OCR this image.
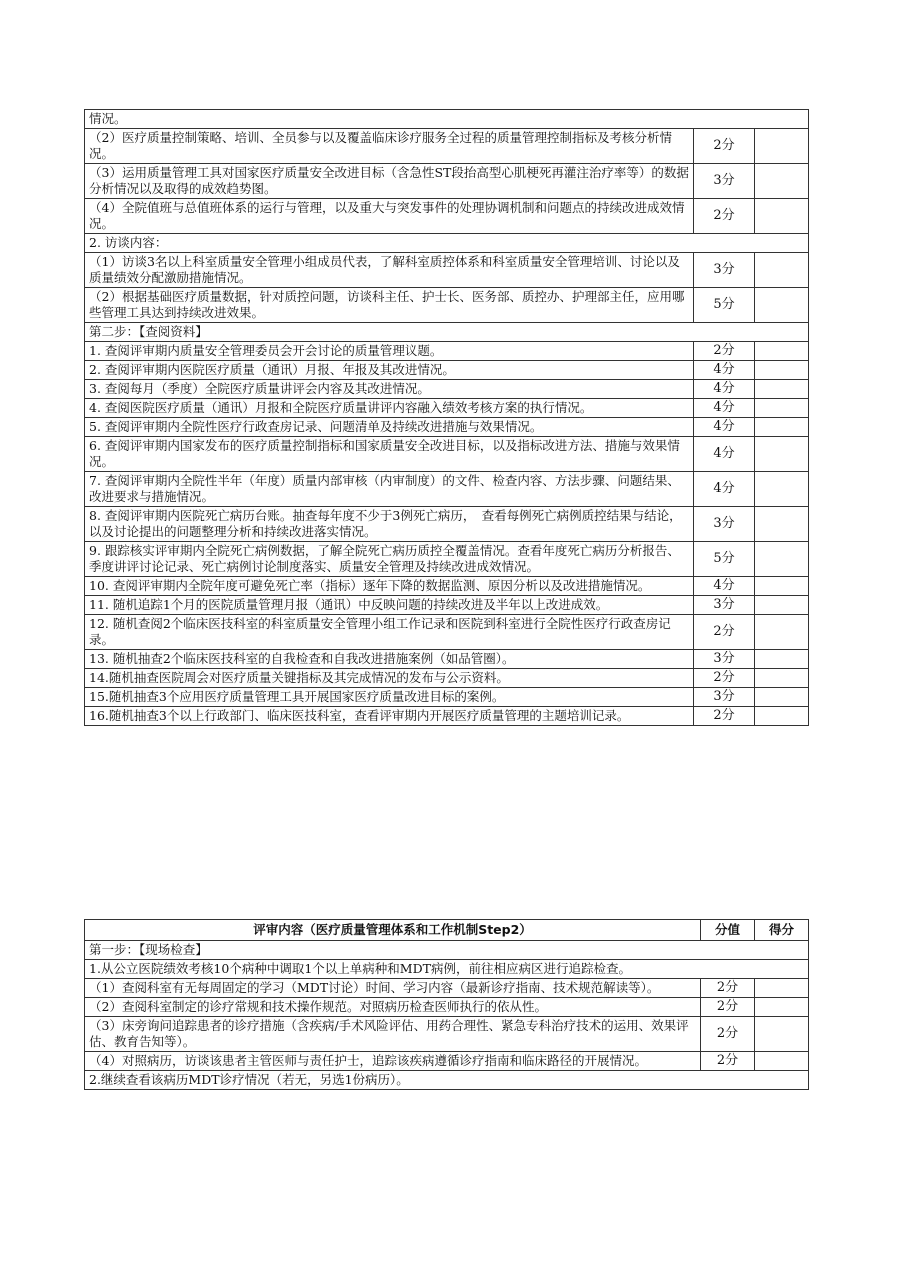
情况。		
（2）医疗质量控制策略、培训、全员参与以及覆盖临床诊疗服务全过程的质量管理控制指标及考核分析情况。	2分	
（3）运用质量管理工具对国家医疗质量安全改进目标（含急性ST段抬高型心肌梗死再灌注治疗率等）的数据分析情况以及取得的成效趋势图。	3分	
（4）全院值班与总值班体系的运行与管理，以及重大与突发事件的处理协调机制和问题点的持续改进成效情况。	2分	
2. 访谈内容：		
（1）访谈3名以上科室质量安全管理小组成员代表，了解科室质控体系和科室质量安全管理培训、讨论以及质量绩效分配激励措施情况。	3分	
（2）根据基础医疗质量数据，针对质控问题，访谈科主任、护士长、医务部、质控办、护理部主任，应用哪些管理工具达到持续改进效果。	5分	
第二步：【查阅资料】		
1. 查阅评审期内质量安全管理委员会开会讨论的质量管理议题。	2分	
2. 查阅评审期内医院医疗质量（通讯）月报、年报及其改进情况。	4分	
3. 查阅每月（季度）全院医疗质量讲评会内容及其改进情况。	4分	
4. 查阅医院医疗质量（通讯）月报和全院医疗质量讲评内容融入绩效考核方案的执行情况。	4分	
5. 查阅评审期内全院性医疗行政查房记录、问题清单及持续改进措施与效果情况。	4分	
6. 查阅评审期内国家发布的医疗质量控制指标和国家质量安全改进目标，以及指标改进方法、措施与效果情况。	4分	
7. 查阅评审期内全院性半年（年度）质量内部审核（内审制度）的文件、检查内容、方法步骤、问题结果、改进要求与措施情况。	4分	
8. 查阅评审期内医院死亡病历台账。抽查每年度不少于3例死亡病历，　查看每例死亡病例质控结果与结论，以及讨论提出的问题整理分析和持续改进落实情况。	3分	
9. 跟踪核实评审期内全院死亡病例数据，了解全院死亡病历质控全覆盖情况。查看年度死亡病历分析报告、季度讲评讨论记录、死亡病例讨论制度落实、质量安全管理及持续改进成效情况。	5分	
10. 查阅评审期内全院年度可避免死亡率（指标）逐年下降的数据监测、原因分析以及改进措施情况。	4分	
11. 随机追踪1个月的医院质量管理月报（通讯）中反映问题的持续改进及半年以上改进成效。	3分	
12. 随机查阅2个临床医技科室的科室质量安全管理小组工作记录和医院到科室进行全院性医疗行政查房记录。	2分	
13. 随机抽查2个临床医技科室的自我检查和自我改进措施案例（如品管圈）。	3分	
14.随机抽查医院周会对医疗质量关键指标及其完成情况的发布与公示资料。	2分	
15.随机抽查3个应用医疗质量管理工具开展国家医疗质量改进目标的案例。	3分	
16.随机抽查3个以上行政部门、临床医技科室，查看评审期内开展医疗质量管理的主题培训记录。	2分	
评审内容（医疗质量管理体系和工作机制Step2）	分值	得分
第一步：【现场检查】		
1.从公立医院绩效考核10个病种中调取1个以上单病种和MDT病例，前往相应病区进行追踪检查。		
（1）查阅科室有无每周固定的学习（MDT讨论）时间、学习内容（最新诊疗指南、技术规范解读等）。	2分	
（2）查阅科室制定的诊疗常规和技术操作规范。对照病历检查医师执行的依从性。	2分	
（3）床旁询问追踪患者的诊疗措施（含疾病/手术风险评估、用药合理性、紧急专科治疗技术的运用、效果评估、教育告知等）。	2分	
（4）对照病历，访谈该患者主管医师与责任护士，追踪该疾病遵循诊疗指南和临床路径的开展情况。	2分	
2.继续查看该病历MDT诊疗情况（若无，另选1份病历）。		
